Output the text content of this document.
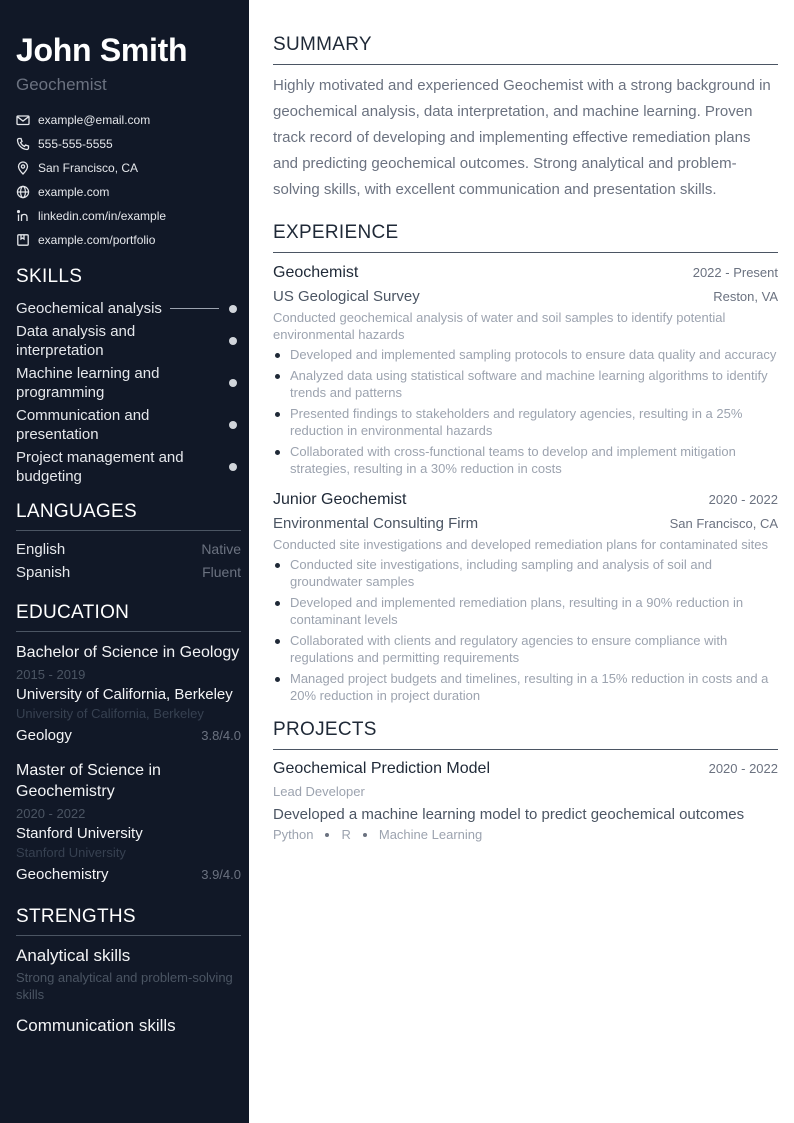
John Smith
Geochemist
example@email.com
555-555-5555
San Francisco, CA
example.com
linkedin.com/in/example
example.com/portfolio
SKILLS
Geochemical analysis
Data analysis and interpretation
Machine learning and programming
Communication and presentation
Project management and budgeting
LANGUAGES
English	Native
Spanish	Fluent
EDUCATION
Bachelor of Science in Geology
2015 - 2019
University of California, Berkeley
University of California, Berkeley
Geology	3.8/4.0
Master of Science in Geochemistry
2020 - 2022
Stanford University
Stanford University
Geochemistry	3.9/4.0
STRENGTHS
Analytical skills
Strong analytical and problem-solving skills
Communication skills
SUMMARY

Highly motivated and experienced Geochemist with a strong background in geochemical analysis, data interpretation, and machine learning. Proven track record of developing and implementing effective remediation plans and predicting geochemical outcomes. Strong analytical and problem-solving skills, with excellent communication and presentation skills.

EXPERIENCE
Geochemist	2022 - Present
US Geological Survey	Reston, VA
Conducted geochemical analysis of water and soil samples to identify potential environmental hazards
Developed and implemented sampling protocols to ensure data quality and accuracy
Analyzed data using statistical software and machine learning algorithms to identify trends and patterns
Presented findings to stakeholders and regulatory agencies, resulting in a 25% reduction in environmental hazards
Collaborated with cross-functional teams to develop and implement mitigation strategies, resulting in a 30% reduction in costs
Junior Geochemist	2020 - 2022
Environmental Consulting Firm	San Francisco, CA
Conducted site investigations and developed remediation plans for contaminated sites
Conducted site investigations, including sampling and analysis of soil and groundwater samples
Developed and implemented remediation plans, resulting in a 90% reduction in contaminant levels
Collaborated with clients and regulatory agencies to ensure compliance with regulations and permitting requirements
Managed project budgets and timelines, resulting in a 15% reduction in costs and a 20% reduction in project duration
PROJECTS
Geochemical Prediction Model	2020 - 2022
Lead Developer
Developed a machine learning model to predict geochemical outcomes
Python R Machine Learning
